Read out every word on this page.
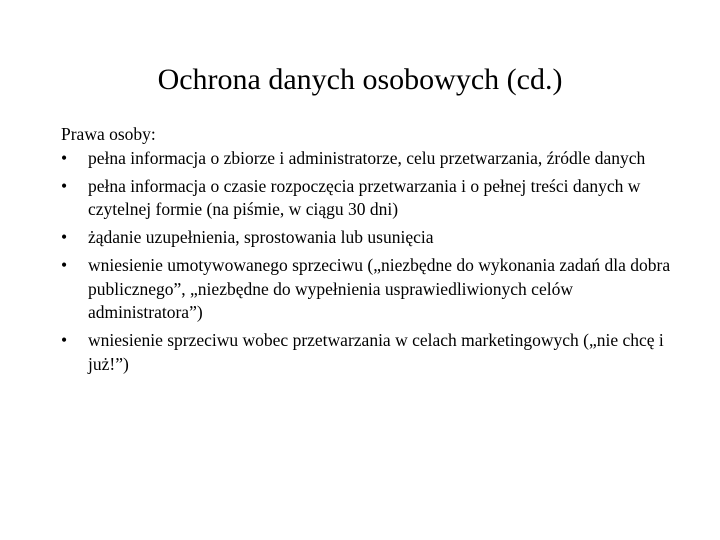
Ochrona danych osobowych (cd.)

Prawa osoby:

•	pełna informacja o zbiorze i administratorze, celu przetwarzania, źródle danych
•	pełna informacja o czasie rozpoczęcia przetwarzania i o pełnej treści danych w czytelnej formie (na piśmie, w ciągu 30 dni)
•	żądanie uzupełnienia, sprostowania lub usunięcia
•	wniesienie umotywowanego sprzeciwu („niezbędne do wykonania zadań dla dobra publicznego”, „niezbędne do wypełnienia usprawiedliwionych celów administratora”)
•	wniesienie sprzeciwu wobec przetwarzania w celach marketingowych („nie chcę i już!”)
